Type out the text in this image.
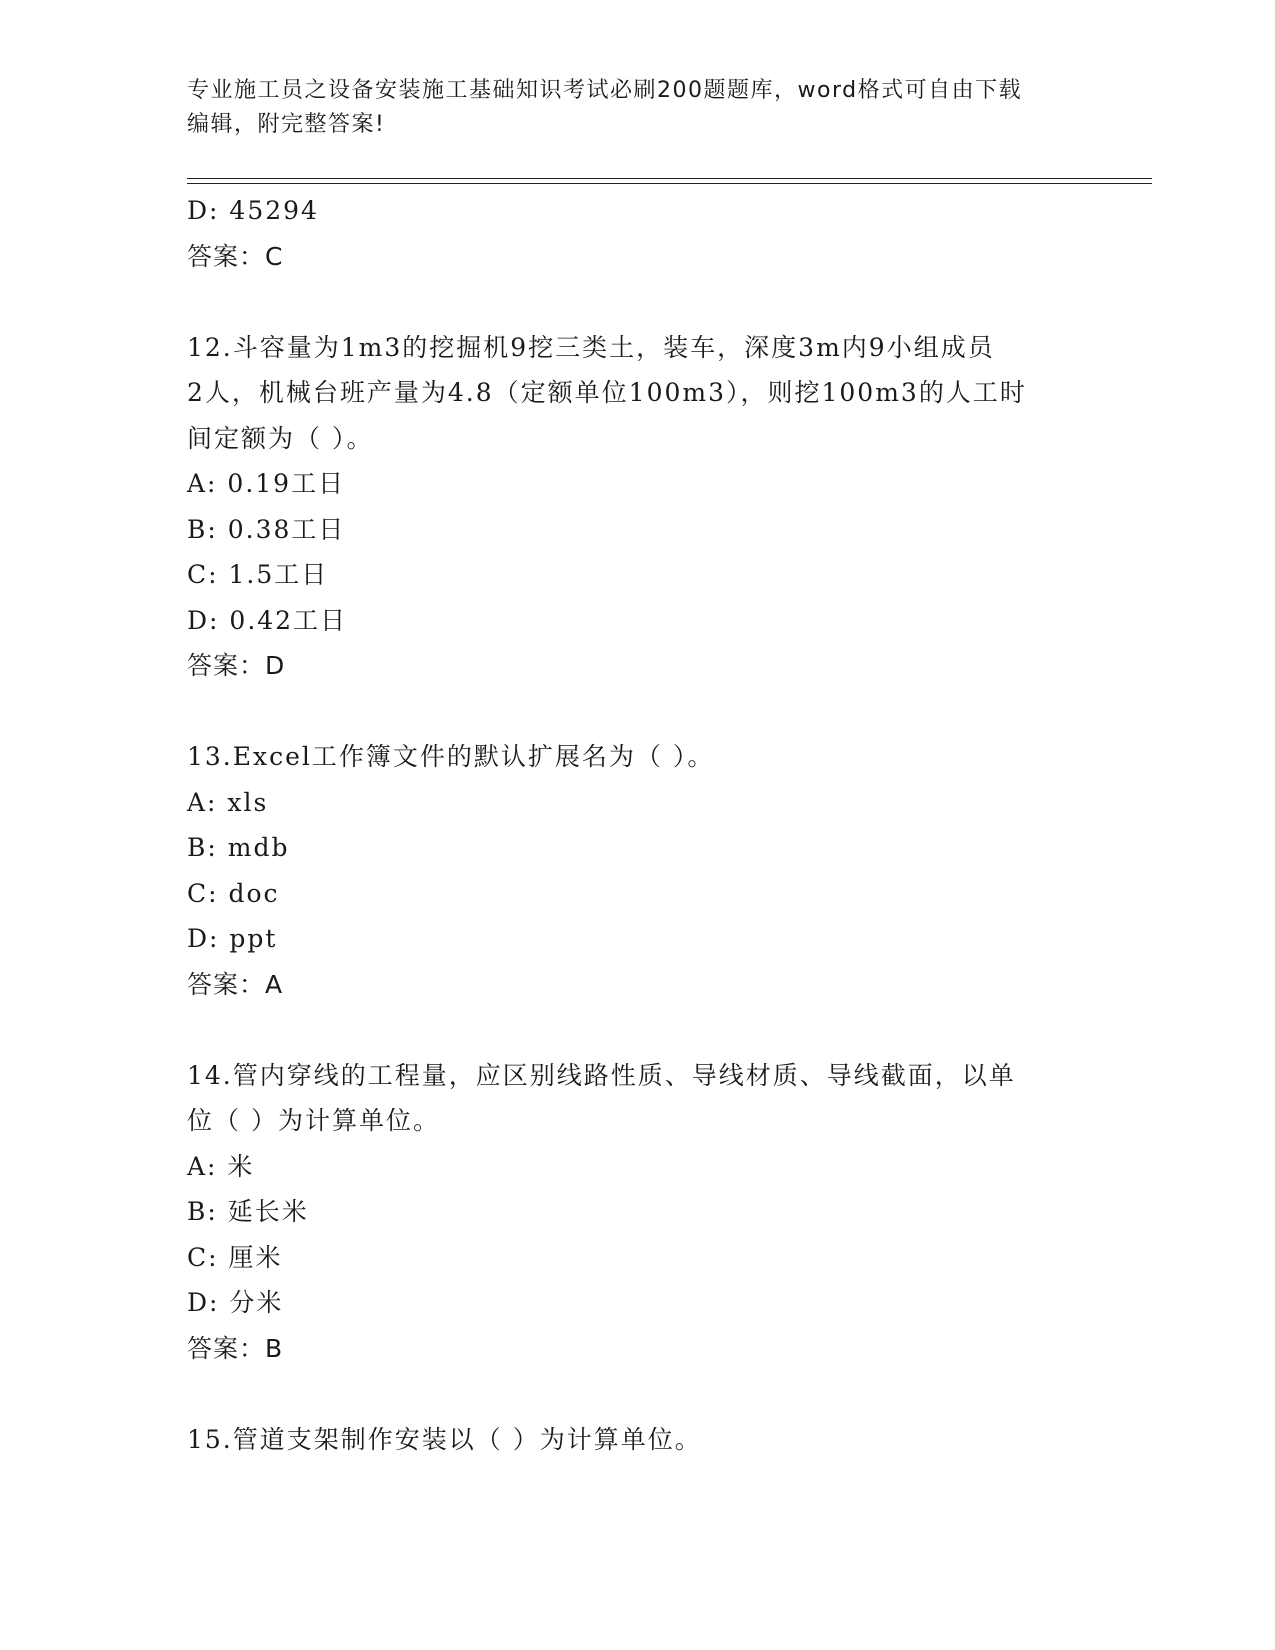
专业施工员之设备安装施工基础知识考试必刷200题题库，word格式可自由下载
编辑，附完整答案!
D: 45294
答案：C
12.斗容量为1m3的挖掘机9挖三类土，装车，深度3m内9小组成员
2人，机械台班产量为4.8（定额单位100m3），则挖100m3的人工时
间定额为（ ）。
A: 0.19工日
B: 0.38工日
C: 1.5工日
D: 0.42工日
答案：D
13.Excel工作簿文件的默认扩展名为（ ）。
A: xls
B: mdb
C: doc
D: ppt
答案：A
14.管内穿线的工程量，应区别线路性质、导线材质、导线截面，以单
位（ ）为计算单位。
A: 米
B: 延长米
C: 厘米
D: 分米
答案：B
15.管道支架制作安装以（ ）为计算单位。
